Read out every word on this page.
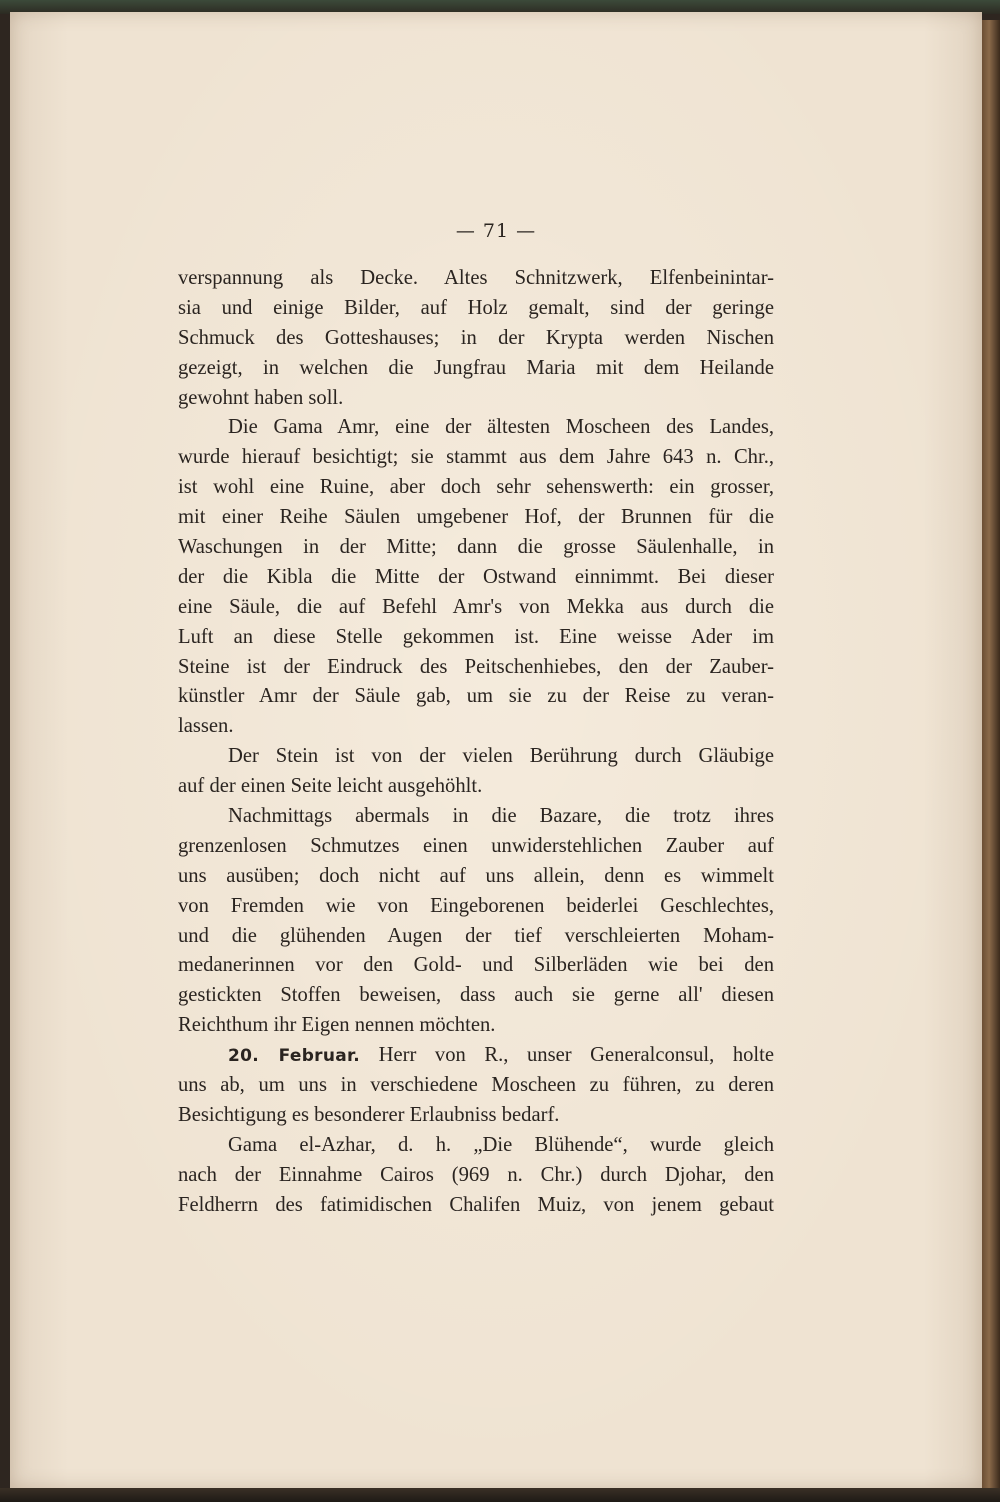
— 71 —
verspannung als Decke. Altes Schnitzwerk, Elfenbeinintar-
sia und einige Bilder, auf Holz gemalt, sind der geringe
Schmuck des Gotteshauses; in der Krypta werden Nischen
gezeigt, in welchen die Jungfrau Maria mit dem Heilande
gewohnt haben soll.
Die Gama Amr, eine der ältesten Moscheen des Landes,
wurde hierauf besichtigt; sie stammt aus dem Jahre 643 n. Chr.,
ist wohl eine Ruine, aber doch sehr sehenswerth: ein grosser,
mit einer Reihe Säulen umgebener Hof, der Brunnen für die
Waschungen in der Mitte; dann die grosse Säulenhalle, in
der die Kibla die Mitte der Ostwand einnimmt. Bei dieser
eine Säule, die auf Befehl Amr's von Mekka aus durch die
Luft an diese Stelle gekommen ist. Eine weisse Ader im
Steine ist der Eindruck des Peitschenhiebes, den der Zauber-
künstler Amr der Säule gab, um sie zu der Reise zu veran-
lassen.
Der Stein ist von der vielen Berührung durch Gläubige
auf der einen Seite leicht ausgehöhlt.
Nachmittags abermals in die Bazare, die trotz ihres
grenzenlosen Schmutzes einen unwiderstehlichen Zauber auf
uns ausüben; doch nicht auf uns allein, denn es wimmelt
von Fremden wie von Eingeborenen beiderlei Geschlechtes,
und die glühenden Augen der tief verschleierten Moham-
medanerinnen vor den Gold- und Silberläden wie bei den
gestickten Stoffen beweisen, dass auch sie gerne all' diesen
Reichthum ihr Eigen nennen möchten.
20. Februar. Herr von R., unser Generalconsul, holte
uns ab, um uns in verschiedene Moscheen zu führen, zu deren
Besichtigung es besonderer Erlaubniss bedarf.
Gama el-Azhar, d. h. „Die Blühende“, wurde gleich
nach der Einnahme Cairos (969 n. Chr.) durch Djohar, den
Feldherrn des fatimidischen Chalifen Muiz, von jenem gebaut
